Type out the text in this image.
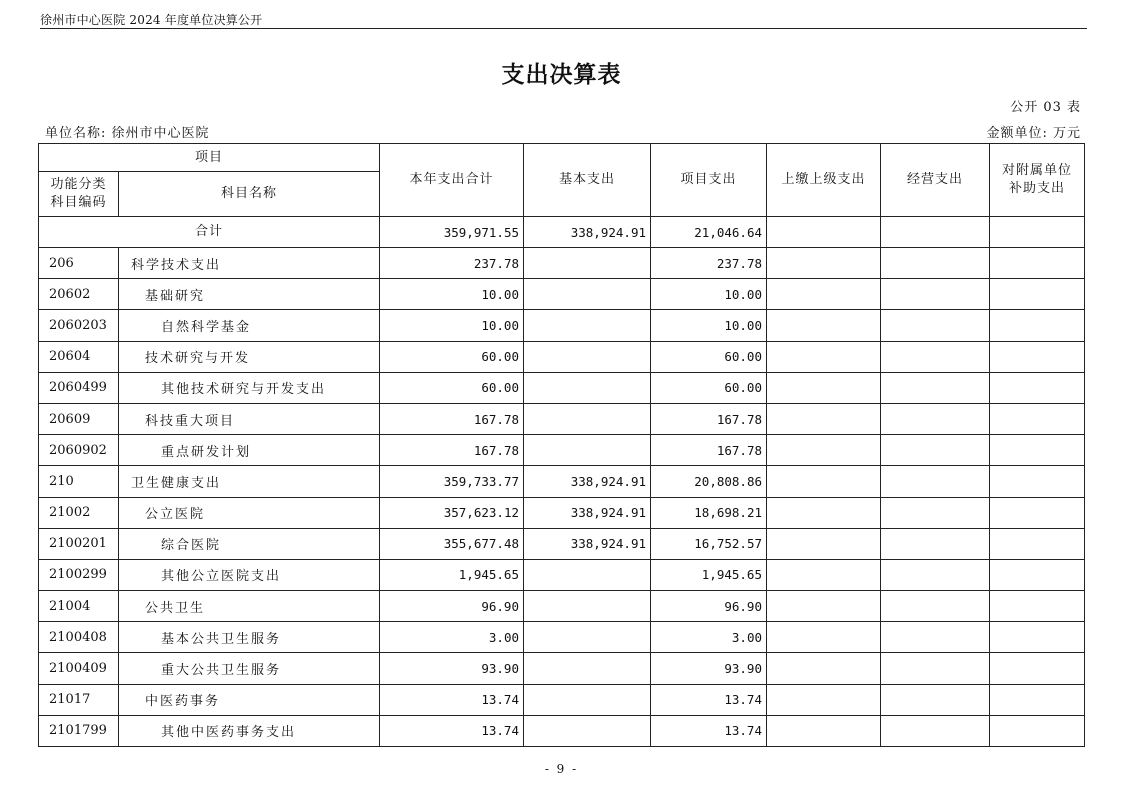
徐州市中心医院 2024 年度单位决算公开
支出决算表
公开 03 表
单位名称: 徐州市中心医院	金额单位: 万元
项目		本年支出合计	基本支出	项目支出	上缴上级支出	经营支出	对附属单位补助支出
功能分类科目编码	科目名称						
合计		359,971.55	338,924.91	21,046.64			
206	科学技术支出	237.78		237.78			
20602	基础研究	10.00		10.00			
2060203	自然科学基金	10.00		10.00			
20604	技术研究与开发	60.00		60.00			
2060499	其他技术研究与开发支出	60.00		60.00			
20609	科技重大项目	167.78		167.78			
2060902	重点研发计划	167.78		167.78			
210	卫生健康支出	359,733.77	338,924.91	20,808.86			
21002	公立医院	357,623.12	338,924.91	18,698.21			
2100201	综合医院	355,677.48	338,924.91	16,752.57			
2100299	其他公立医院支出	1,945.65		1,945.65			
21004	公共卫生	96.90		96.90			
2100408	基本公共卫生服务	3.00		3.00			
2100409	重大公共卫生服务	93.90		93.90			
21017	中医药事务	13.74		13.74			
2101799	其他中医药事务支出	13.74		13.74			
- 9 -
